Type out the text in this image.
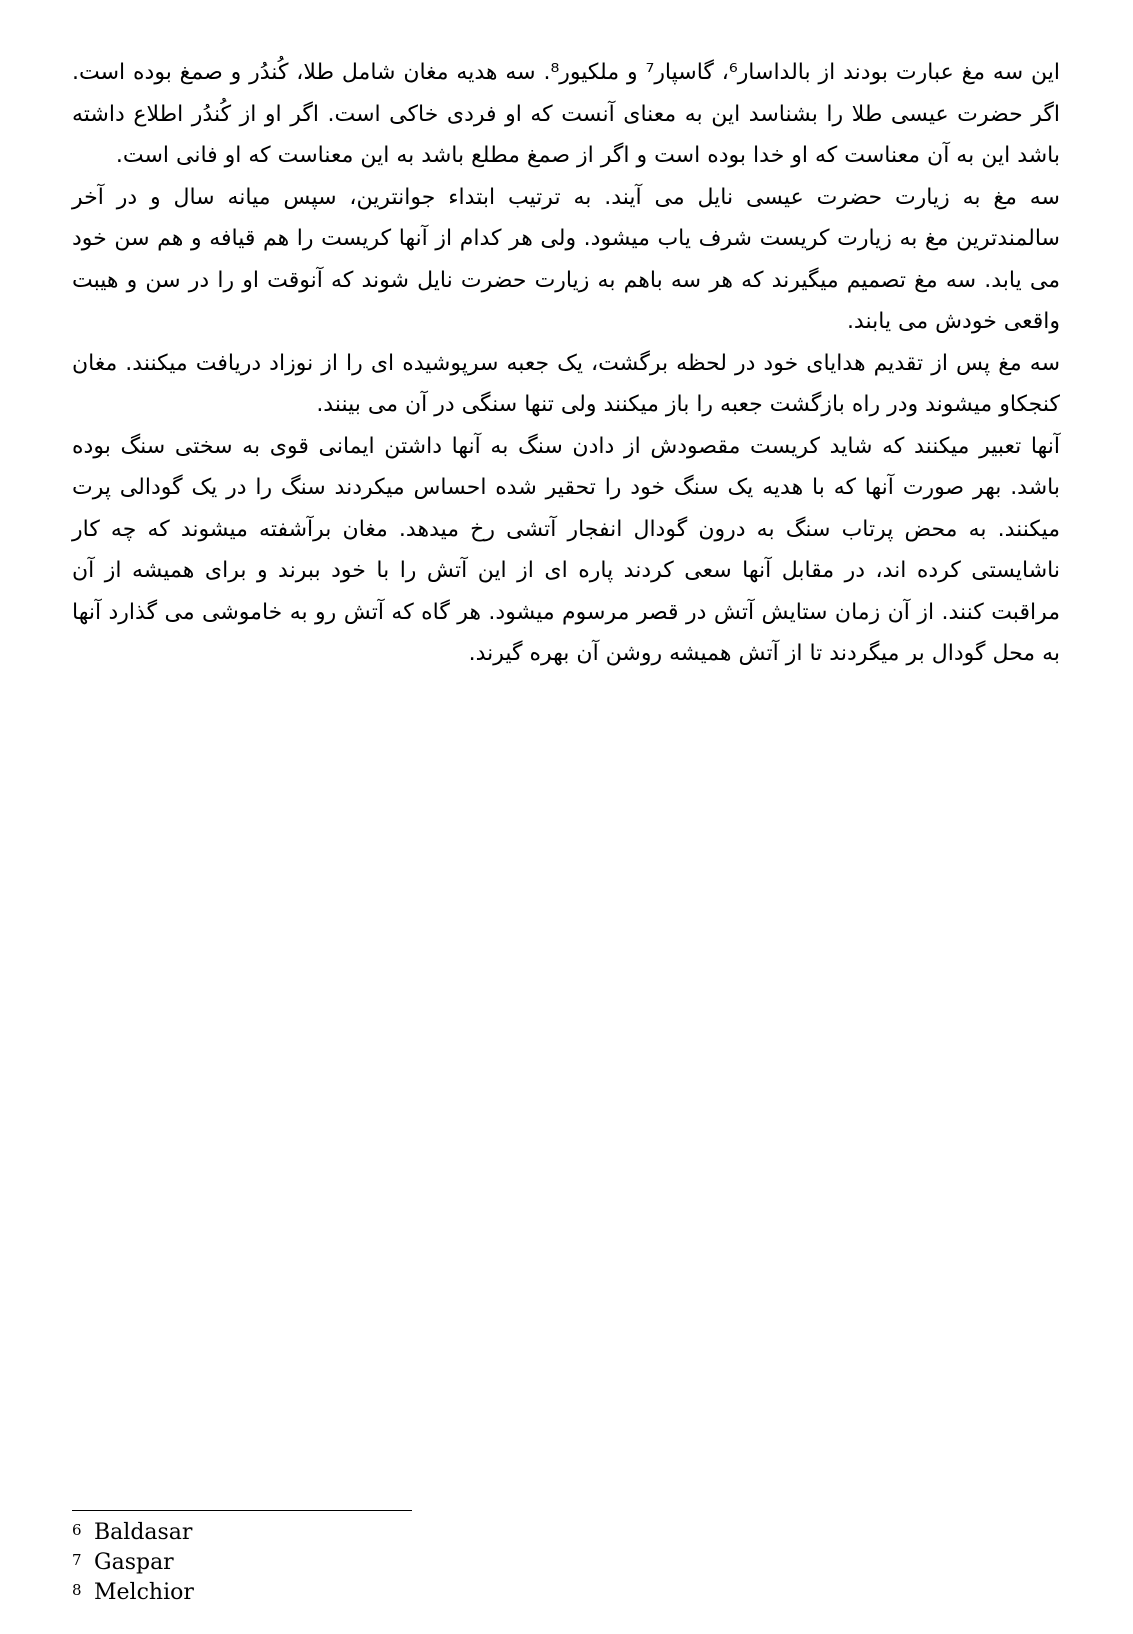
این سه مغ عبارت بودند از بالداسار⁶، گاسپار⁷ و ملکیور⁸. سه هدیه مغان شامل طلا، کُندُر و صمغ بوده است. اگر حضرت عیسی طلا را بشناسد این به معنای آنست که او فردی خاکی است. اگر او از کُندُر اطلاع داشته باشد این به آن معناست که او خدا بوده است و اگر از صمغ مطلع باشد به این معناست که او فانی است.

سه مغ به زیارت حضرت عیسی نایل می آیند. به ترتیب ابتداء جوانترین، سپس میانه سال و در آخر سالمندترین مغ به زیارت کریست شرف یاب میشود. ولی هر کدام از آنها کریست را هم قیافه و هم سن خود می یابد. سه مغ تصمیم میگیرند که هر سه باهم به زیارت حضرت نایل شوند که آنوقت او را در سن و هیبت واقعی خودش می یابند.

سه مغ پس از تقدیم هدایای خود در لحظه برگشت، یک جعبه سرپوشیده ای را از نوزاد دریافت میکنند. مغان کنجکاو میشوند ودر راه بازگشت جعبه را باز میکنند ولی تنها سنگی در آن می بینند.

آنها تعبیر میکنند که شاید کریست مقصودش از دادن سنگ به آنها داشتن ایمانی قوی به سختی سنگ بوده باشد. بهر صورت آنها که با هدیه یک سنگ خود را تحقیر شده احساس میکردند سنگ را در یک گودالی پرت میکنند. به محض پرتاب سنگ به درون گودال انفجار آتشی رخ میدهد. مغان برآشفته میشوند که چه کار ناشایستی کرده اند، در مقابل آنها سعی کردند پاره ای از این آتش را با خود ببرند و برای همیشه از آن مراقبت کنند. از آن زمان ستایش آتش در قصر مرسوم میشود. هر گاه که آتش رو به خاموشی می گذارد آنها به محل گودال بر میگردند تا از آتش همیشه روشن آن بهره گیرند.

6 Baldasar
7 Gaspar
8 Melchior
